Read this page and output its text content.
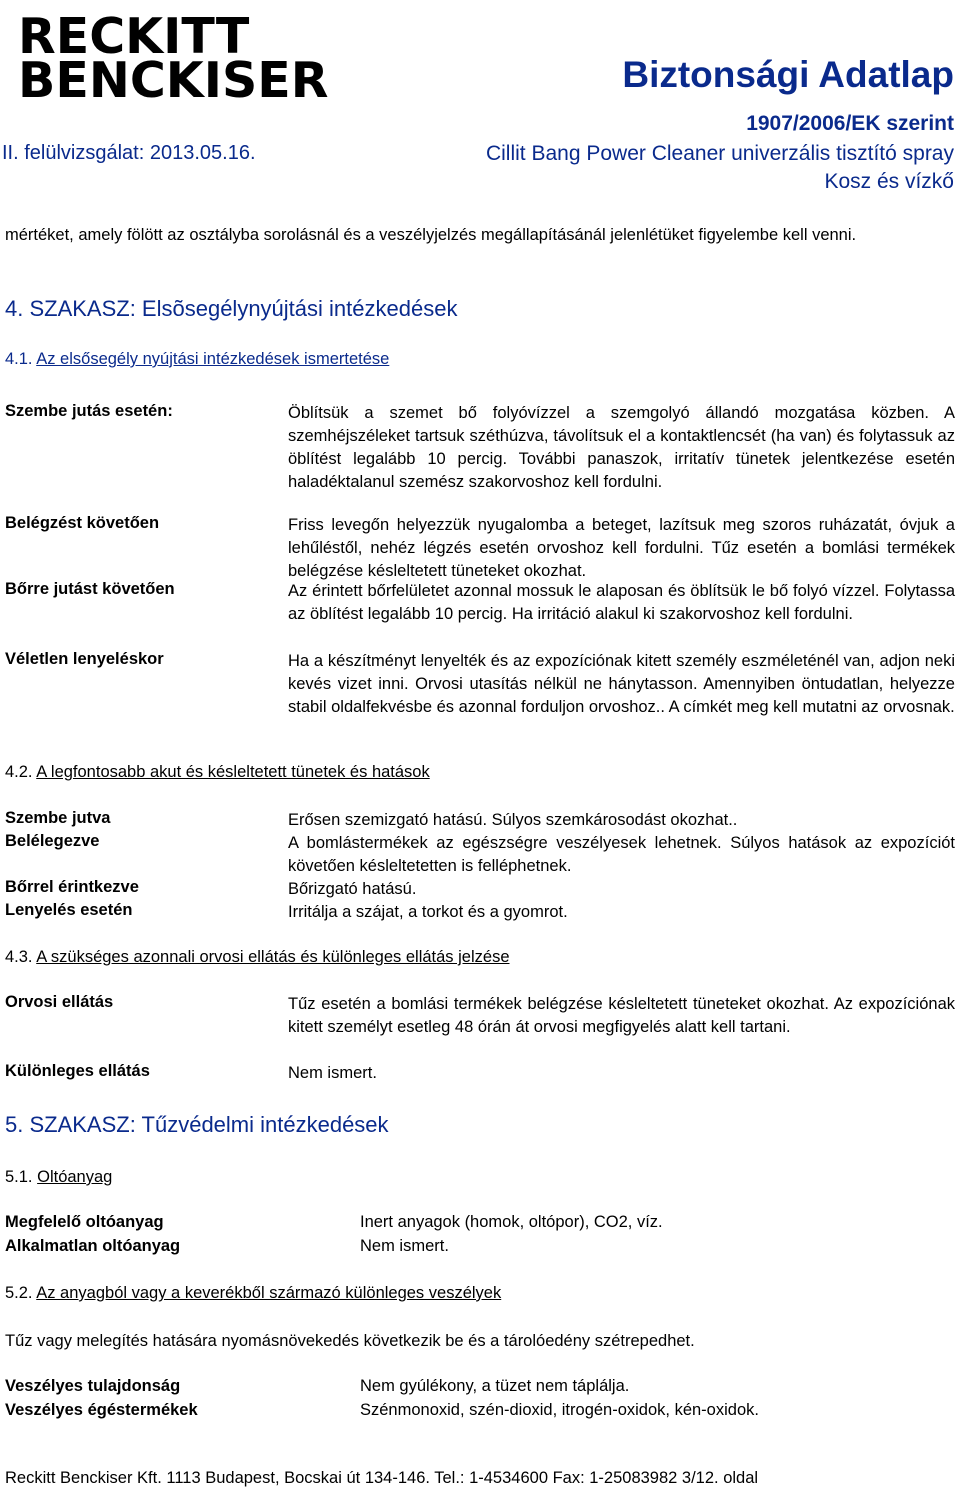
RECKITT
BENCKISER	Biztonsági Adatlap
1907/2006/EK szerint
II. felülvizsgálat: 2013.05.16.	Cillit Bang Power Cleaner univerzális tisztító spray
Kosz és vízkő
mértéket, amely fölött az osztályba sorolásnál és a veszélyjelzés megállapításánál jelenlétüket figyelembe kell venni.
4. SZAKASZ: Elsõsegélynyújtási intézkedések
4.1. Az elsősegély nyújtási intézkedések ismertetése
Szembe jutás esetén:	Öblítsük a szemet bő folyóvízzel a szemgolyó állandó mozgatása közben. A szemhéjszéleket tartsuk széthúzva, távolítsuk el a kontaktlencsét (ha van) és folytassuk az öblítést legalább 10 percig. További panaszok, irritatív tünetek jelentkezése esetén haladéktalanul szemész szakorvoshoz kell fordulni.
Belégzést követően	Friss levegőn helyezzük nyugalomba a beteget, lazítsuk meg szoros ruházatát, óvjuk a lehűléstől, nehéz légzés esetén orvoshoz kell fordulni. Tűz esetén a bomlási termékek belégzése késleltetett tüneteket okozhat.
Bőrre jutást követően	Az érintett bőrfelületet azonnal mossuk le alaposan és öblítsük le bő folyó vízzel. Folytassa az öblítést legalább 10 percig. Ha irritáció alakul ki szakorvoshoz kell fordulni.
Véletlen lenyeléskor	Ha a készítményt lenyelték és az expozíciónak kitett személy eszméleténél van, adjon neki kevés vizet inni. Orvosi utasítás nélkül ne hánytasson. Amennyiben öntudatlan, helyezze stabil oldalfekvésbe és azonnal forduljon orvoshoz.. A címkét meg kell mutatni az orvosnak.
4.2. A legfontosabb akut és késleltetett tünetek és hatások
Szembe jutva	Erősen szemizgató hatású. Súlyos szemkárosodást okozhat..
Belélegezve	A bomlástermékek az egészségre veszélyesek lehetnek. Súlyos hatások az expozíciót követően késleltetetten is felléphetnek.
Bőrrel érintkezve	Bőrizgató hatású.
Lenyelés esetén	Irritálja a szájat, a torkot és a gyomrot.
4.3. A szükséges azonnali orvosi ellátás és különleges ellátás jelzése
Orvosi ellátás	Tűz esetén a bomlási termékek belégzése késleltetett tüneteket okozhat. Az expozíciónak kitett személyt esetleg 48 órán át orvosi megfigyelés alatt kell tartani.
Különleges ellátás	Nem ismert.
5. SZAKASZ: Tűzvédelmi intézkedések
5.1. Oltóanyag
Megfelelő oltóanyag	Inert anyagok (homok, oltópor), CO2, víz.
Alkalmatlan oltóanyag	Nem ismert.
5.2. Az anyagból vagy a keverékből származó különleges veszélyek
Tűz vagy melegítés hatására nyomásnövekedés következik be és a tárolóedény szétrepedhet.
Veszélyes tulajdonság	Nem gyúlékony, a tüzet nem táplálja.
Veszélyes égéstermékek	Szénmonoxid, szén-dioxid, itrogén-oxidok, kén-oxidok.
Reckitt Benckiser Kft. 1113 Budapest, Bocskai út 134-146. Tel.: 1-4534600 Fax: 1-25083982 3/12. oldal
